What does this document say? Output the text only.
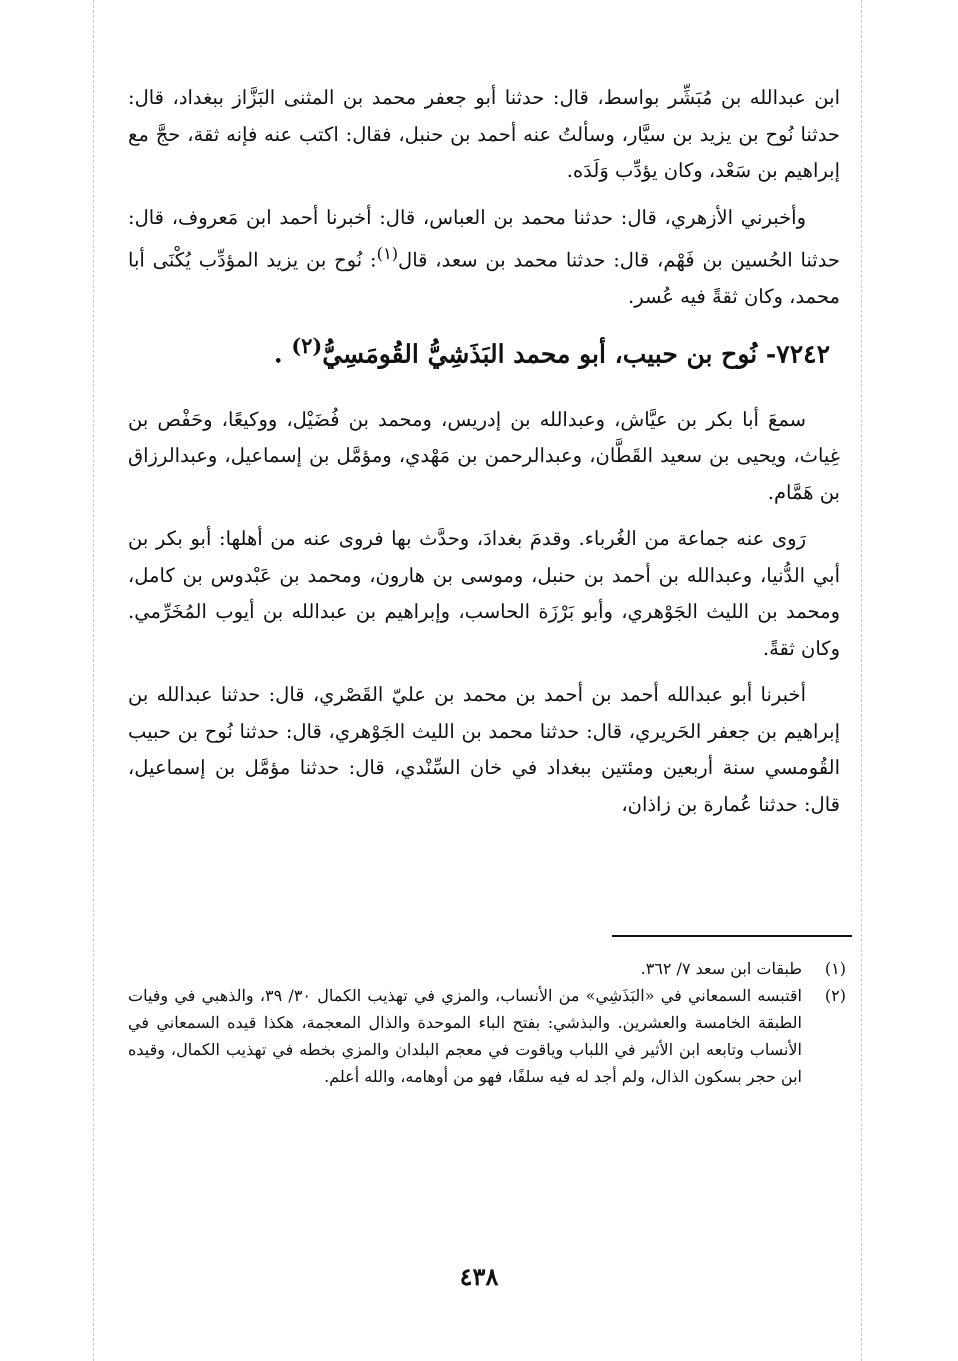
ابن عبدالله بن مُبَشِّر بواسط، قال: حدثنا أبو جعفر محمد بن المثنى البَزَّاز ببغداد، قال: حدثنا نُوح بن يزيد بن سيَّار، وسألتُ عنه أحمد بن حنبل، فقال: اكتب عنه فإنه ثقة، حجَّ مع إبراهيم بن سَعْد، وكان يؤدِّب وَلَدَه.

وأخبرني الأزهري، قال: حدثنا محمد بن العباس، قال: أخبرنا أحمد ابن مَعروف، قال: حدثنا الحُسين بن فَهْم، قال: حدثنا محمد بن سعد، قال$^{(١)}$: نُوح بن يزيد المؤدِّب يُكْنَى أبا محمد، وكان ثقةً فيه عُسر.

٧٢٤٢- نُوح بن حبيب، أبو محمد البَذَشِيُّ القُومَسِيُّ$^{(٢)}$ .

سمعَ أبا بكر بن عيَّاش، وعبدالله بن إدريس، ومحمد بن فُضَيْل، ووكيعًا، وحَفْص بن غِياث، ويحيى بن سعيد القَطَّان، وعبدالرحمن بن مَهْدي، ومؤمَّل بن إسماعيل، وعبدالرزاق بن هَمَّام.

رَوى عنه جماعة من الغُرباء. وقدمَ بغدادَ، وحدَّث بها فروى عنه من أهلها: أبو بكر بن أبي الدُّنيا، وعبدالله بن أحمد بن حنبل، وموسى بن هارون، ومحمد بن عَبْدوس بن كامل، ومحمد بن الليث الجَوْهري، وأبو بَرْزَة الحاسب، وإبراهيم بن عبدالله بن أيوب المُخَرِّمي. وكان ثقةً.

أخبرنا أبو عبدالله أحمد بن أحمد بن محمد بن عليّ القَصْري، قال: حدثنا عبدالله بن إبراهيم بن جعفر الحَريري، قال: حدثنا محمد بن الليث الجَوْهري، قال: حدثنا نُوح بن حبيب القُومسي سنة أربعين ومئتين ببغداد في خان السِّنْدي، قال: حدثنا مؤمَّل بن إسماعيل، قال: حدثنا عُمارة بن زاذان،

(١)
طبقات ابن سعد ٧/ ٣٦٢.
(٢)
اقتبسه السمعاني في «البَذَشِي» من الأنساب، والمزي في تهذيب الكمال ٣٠/ ٣٩، والذهبي في وفيات الطبقة الخامسة والعشرين. والبذشي: بفتح الباء الموحدة والذال المعجمة، هكذا قيده السمعاني في الأنساب وتابعه ابن الأثير في اللباب وياقوت في معجم البلدان والمزي بخطه في تهذيب الكمال، وقيده ابن حجر بسكون الذال، ولم أجد له فيه سلفًا، فهو من أوهامه، والله أعلم.
٤٣٨
